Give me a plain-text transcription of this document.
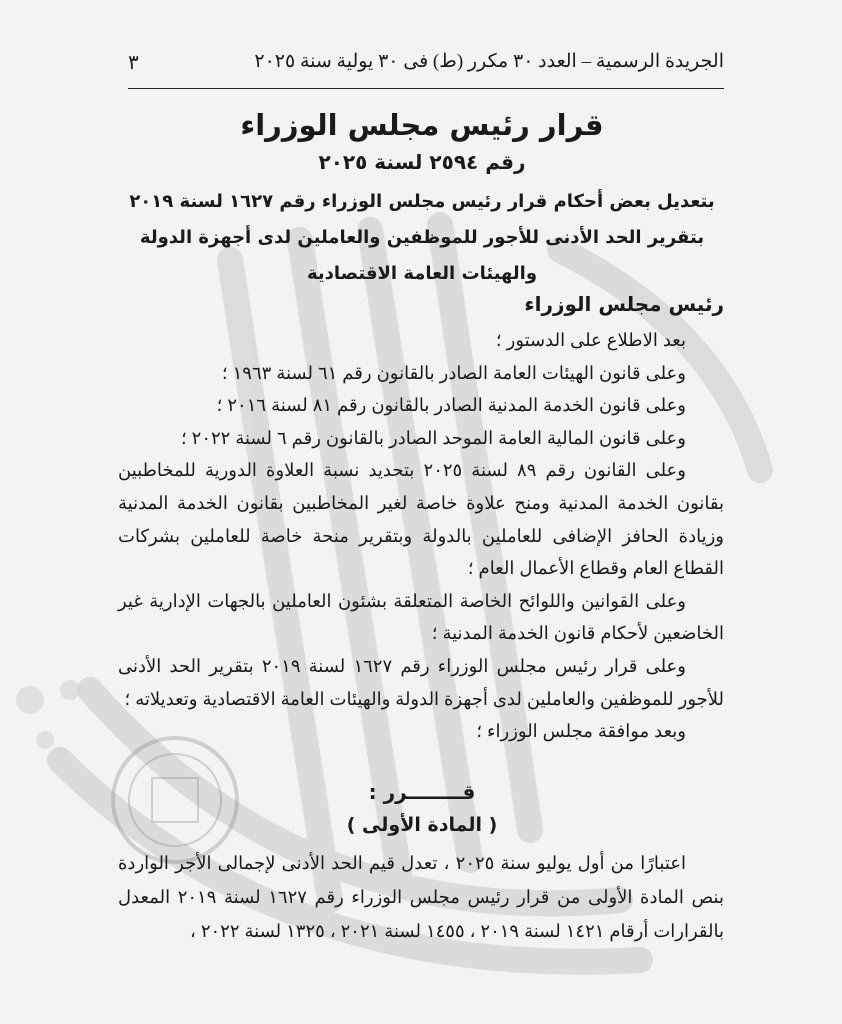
الجريدة الرسمية – العدد ٣٠ مكرر (ط) فى ٣٠ يولية سنة ٢٠٢٥
٣
قرار رئيس مجلس الوزراء
رقم ٢٥٩٤ لسنة ٢٠٢٥
بتعديل بعض أحكام قرار رئيس مجلس الوزراء رقم ١٦٢٧ لسنة ٢٠١٩
بتقرير الحد الأدنى للأجور للموظفين والعاملين لدى أجهزة الدولة
والهيئات العامة الاقتصادية
رئيس مجلس الوزراء

بعد الاطلاع على الدستور ؛

وعلى قانون الهيئات العامة الصادر بالقانون رقم ٦١ لسنة ١٩٦٣ ؛

وعلى قانون الخدمة المدنية الصادر بالقانون رقم ٨١ لسنة ٢٠١٦ ؛

وعلى قانون المالية العامة الموحد الصادر بالقانون رقم ٦ لسنة ٢٠٢٢ ؛

وعلى القانون رقم ٨٩ لسنة ٢٠٢٥ بتحديد نسبة العلاوة الدورية للمخاطبين بقانون الخدمة المدنية ومنح علاوة خاصة لغير المخاطبين بقانون الخدمة المدنية وزيادة الحافز الإضافى للعاملين بالدولة وبتقرير منحة خاصة للعاملين بشركات القطاع العام وقطاع الأعمال العام ؛

وعلى القوانين واللوائح الخاصة المتعلقة بشئون العاملين بالجهات الإدارية غير الخاضعين لأحكام قانون الخدمة المدنية ؛

وعلى قرار رئيس مجلس الوزراء رقم ١٦٢٧ لسنة ٢٠١٩ بتقرير الحد الأدنى للأجور للموظفين والعاملين لدى أجهزة الدولة والهيئات العامة الاقتصادية وتعديلاته ؛

وبعد موافقة مجلس الوزراء ؛

قــــــــرر :
( المادة الأولى )

اعتبارًا من أول يوليو سنة ٢٠٢٥ ، تعدل قيم الحد الأدنى لإجمالى الأجر الواردة بنص المادة الأولى من قرار رئيس مجلس الوزراء رقم ١٦٢٧ لسنة ٢٠١٩ المعدل بالقرارات أرقام ١٤٢١ لسنة ٢٠١٩ ، ١٤٥٥ لسنة ٢٠٢١ ، ١٣٢٥ لسنة ٢٠٢٢ ،
